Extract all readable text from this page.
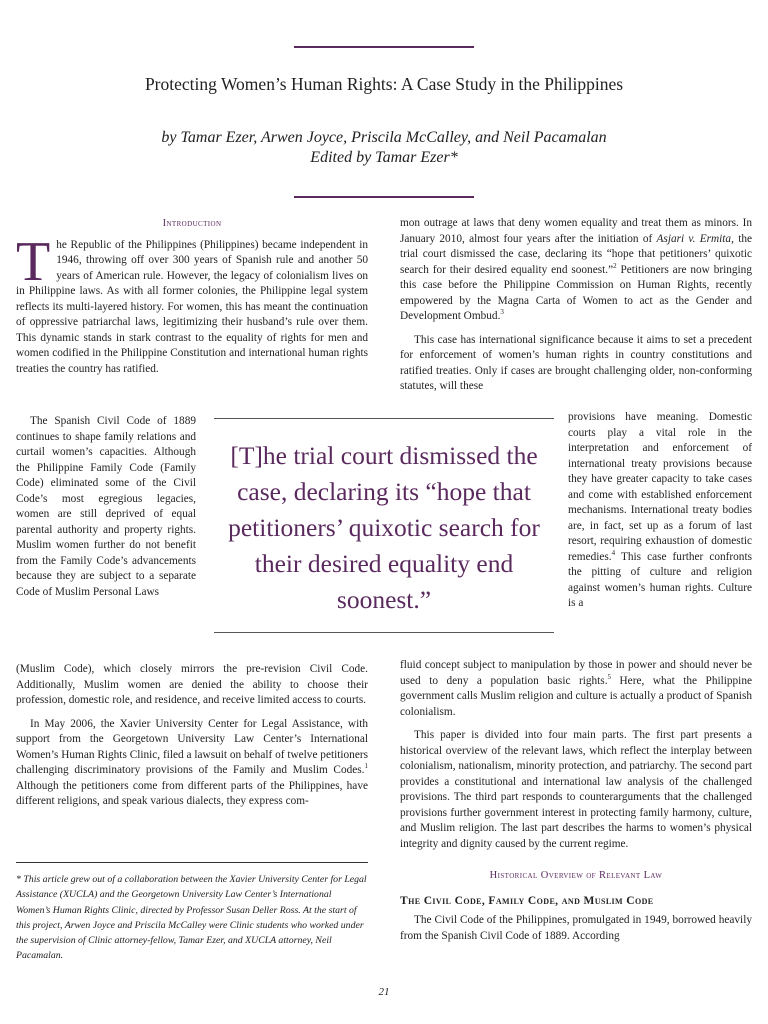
Protecting Women’s Human Rights: A Case Study in the Philippines
by Tamar Ezer, Arwen Joyce, Priscila McCalley, and Neil Pacamalan
Edited by Tamar Ezer*
Introduction

The Republic of the Philippines (Philippines) became independent in 1946, throwing off over 300 years of Spanish rule and another 50 years of American rule. However, the legacy of colonialism lives on in Philippine laws. As with all former colonies, the Philippine legal system reflects its multi-layered history. For women, this has meant the continuation of oppressive patriarchal laws, legitimizing their husband’s rule over them. This dynamic stands in stark contrast to the equality of rights for men and women codified in the Philippine Constitution and international human rights treaties the country has ratified.

The Spanish Civil Code of 1889 continues to shape family relations and curtail women’s capacities. Although the Philippine Family Code (Family Code) eliminated some of the Civil Code’s most egregious legacies, women are still deprived of equal parental authority and property rights. Muslim women further do not benefit from the Family Code’s advancements because they are subject to a separate Code of Muslim Personal Laws

(Muslim Code), which closely mirrors the pre-revision Civil Code. Additionally, Muslim women are denied the ability to choose their profession, domestic role, and residence, and receive limited access to courts.

In May 2006, the Xavier University Center for Legal Assistance, with support from the Georgetown University Law Center’s International Women’s Human Rights Clinic, filed a lawsuit on behalf of twelve petitioners challenging discriminatory provisions of the Family and Muslim Codes.$^1$ Although the petitioners come from different parts of the Philippines, have different religions, and speak various dialects, they express com-

mon outrage at laws that deny women equality and treat them as minors. In January 2010, almost four years after the initiation of Asjari v. Ermita, the trial court dismissed the case, declaring its “hope that petitioners’ quixotic search for their desired equality end soonest.”$^2$ Petitioners are now bringing this case before the Philippine Commission on Human Rights, recently empowered by the Magna Carta of Women to act as the Gender and Development Ombud.$^3$

This case has international significance because it aims to set a precedent for enforcement of women’s human rights in country constitutions and ratified treaties. Only if cases are brought challenging older, non-conforming statutes, will these

provisions have meaning. Domestic courts play a vital role in the interpretation and enforcement of international treaty provisions because they have greater capacity to take cases and come with established enforcement mechanisms. International treaty bodies are, in fact, set up as a forum of last resort, requiring exhaustion of domestic remedies.$^4$ This case further confronts the pitting of culture and religion against women’s human rights. Culture is a

fluid concept subject to manipulation by those in power and should never be used to deny a population basic rights.$^5$ Here, what the Philippine government calls Muslim religion and culture is actually a product of Spanish colonialism.

This paper is divided into four main parts. The first part presents a historical overview of the relevant laws, which reflect the interplay between colonialism, nationalism, minority protection, and patriarchy. The second part provides a constitutional and international law analysis of the challenged provisions. The third part responds to counterarguments that the challenged provisions further government interest in protecting family harmony, culture, and Muslim religion. The last part describes the harms to women’s physical integrity and dignity caused by the current regime.

Historical Overview of Relevant Law
The Civil Code, Family Code, and Muslim Code

The Civil Code of the Philippines, promulgated in 1949, borrowed heavily from the Spanish Civil Code of 1889. According

[T]he trial court dismissed the case, declaring its “hope that petitioners’ quixotic search for their desired equality end soonest.”
* This article grew out of a collaboration between the Xavier University Center for Legal Assistance (XUCLA) and the Georgetown University Law Center’s International Women’s Human Rights Clinic, directed by Professor Susan Deller Ross. At the start of this project, Arwen Joyce and Priscila McCalley were Clinic students who worked under the supervision of Clinic attorney-fellow, Tamar Ezer, and XUCLA attorney, Neil Pacamalan.
21
